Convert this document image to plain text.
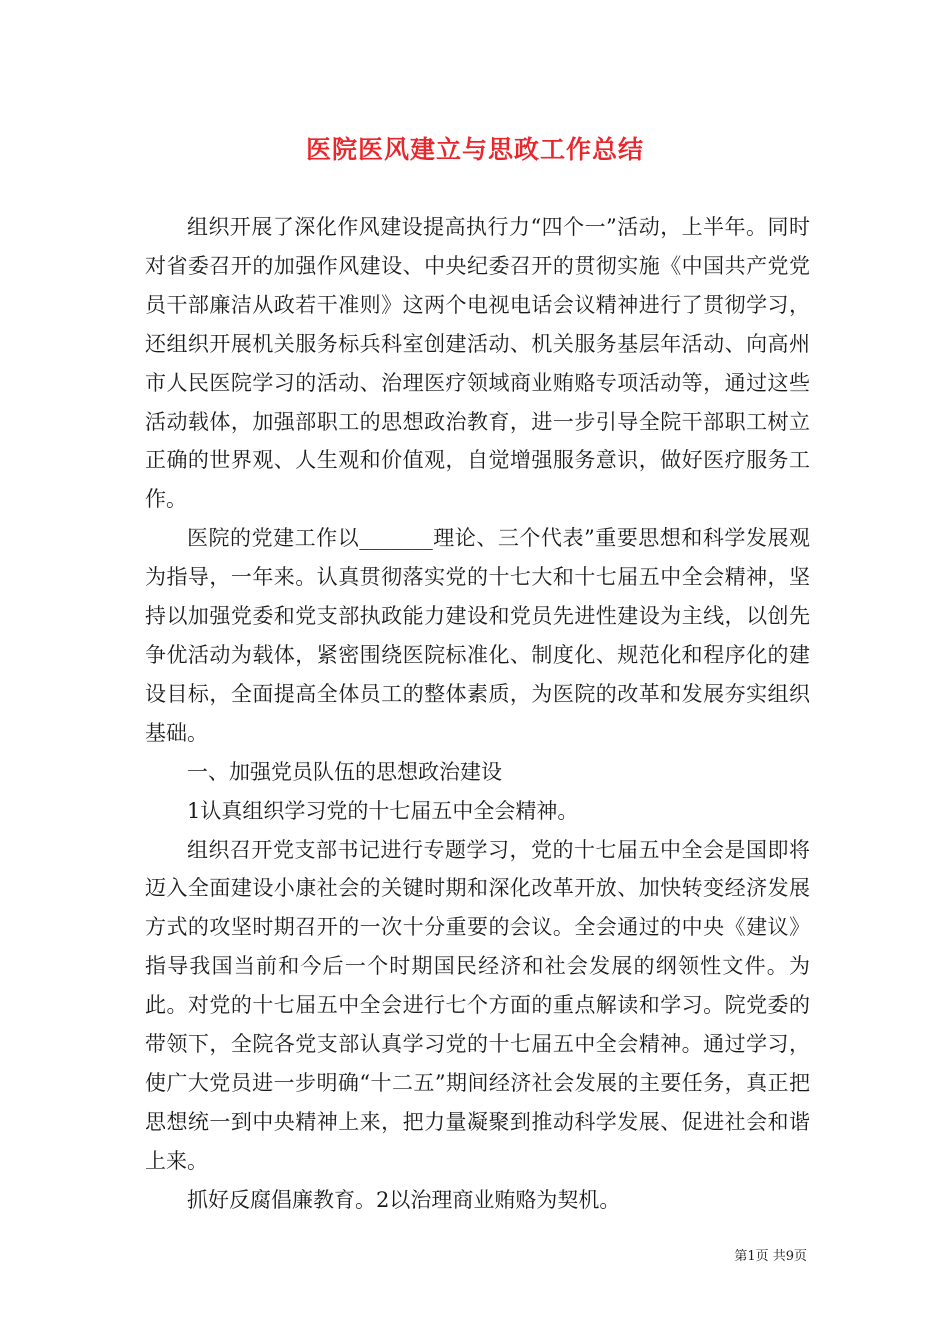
医院医风建立与思政工作总结

组织开展了深化作风建设提高执行力“四个一”活动，上半年。同时对省委召开的加强作风建设、中央纪委召开的贯彻实施《中国共产党党员干部廉洁从政若干准则》这两个电视电话会议精神进行了贯彻学习，还组织开展机关服务标兵科室创建活动、机关服务基层年活动、向高州市人民医院学习的活动、治理医疗领域商业贿赂专项活动等，通过这些活动载体，加强部职工的思想政治教育，进一步引导全院干部职工树立正确的世界观、人生观和价值观，自觉增强服务意识，做好医疗服务工作。

医院的党建工作以_______理论、三个代表”重要思想和科学发展观为指导，一年来。认真贯彻落实党的十七大和十七届五中全会精神，坚持以加强党委和党支部执政能力建设和党员先进性建设为主线，以创先争优活动为载体，紧密围绕医院标准化、制度化、规范化和程序化的建设目标，全面提高全体员工的整体素质，为医院的改革和发展夯实组织基础。

一、加强党员队伍的思想政治建设

1认真组织学习党的十七届五中全会精神。

组织召开党支部书记进行专题学习，党的十七届五中全会是国即将迈入全面建设小康社会的关键时期和深化改革开放、加快转变经济发展方式的攻坚时期召开的一次十分重要的会议。全会通过的中央《建议》指导我国当前和今后一个时期国民经济和社会发展的纲领性文件。为此。对党的十七届五中全会进行七个方面的重点解读和学习。院党委的带领下，全院各党支部认真学习党的十七届五中全会精神。通过学习，使广大党员进一步明确“十二五”期间经济社会发展的主要任务，真正把思想统一到中央精神上来，把力量凝聚到推动科学发展、促进社会和谐上来。

抓好反腐倡廉教育。2以治理商业贿赂为契机。

第1页 共9页
